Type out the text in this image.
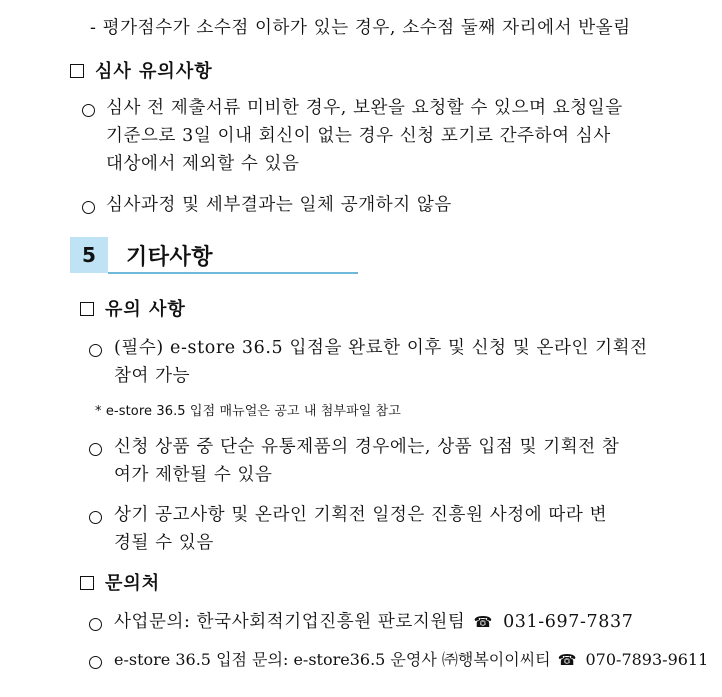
- 평가점수가 소수점 이하가 있는 경우, 소수점 둘째 자리에서 반올림
심사 유의사항
심사 전 제출서류 미비한 경우, 보완을 요청할 수 있으며 요청일을
기준으로 3일 이내 회신이 없는 경우 신청 포기로 간주하여 심사
대상에서 제외할 수 있음
심사과정 및 세부결과는 일체 공개하지 않음
5	기타사항
유의 사항
(필수) e-store 36.5 입점을 완료한 이후 및 신청 및 온라인 기획전
참여 가능
* e-store 36.5 입점 매뉴얼은 공고 내 첨부파일 참고
신청 상품 중 단순 유통제품의 경우에는, 상품 입점 및 기획전 참
여가 제한될 수 있음
상기 공고사항 및 온라인 기획전 일정은 진흥원 사정에 따라 변
경될 수 있음
문의처
사업문의: 한국사회적기업진흥원 판로지원팀 ☎ 031-697-7837
e-store 36.5 입점 문의: e-store36.5 운영사 ㈜행복이이씨티 ☎ 070-7893-9611
